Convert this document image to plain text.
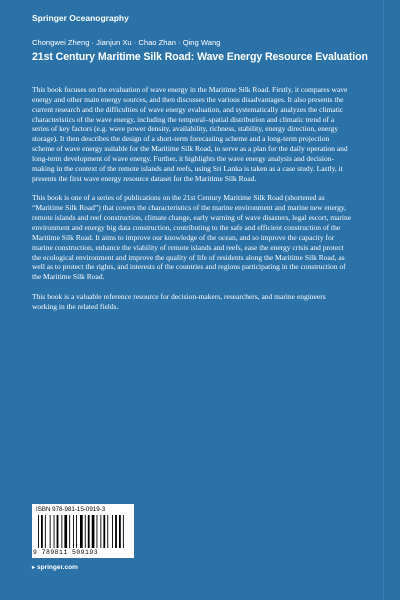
Springer Oceanography
Chongwei Zheng · Jianjun Xu · Chao Zhan · Qing Wang
21st Century Maritime Silk Road: Wave Energy Resource Evaluation

This book focuses on the evaluation of wave energy in the Maritime Silk Road. Firstly, it compares wave energy and other main energy sources, and then discusses the various disadvantages. It also presents the current research and the difficulties of wave energy evaluation, and systematically analyzes the climatic characteristics of the wave energy, including the temporal–spatial distribution and climatic trend of a series of key factors (e.g. wave power density, availability, richness, stability, energy direction, energy storage). It then describes the design of a short-term forecasting scheme and a long-term projection scheme of wave energy suitable for the Maritime Silk Road, to serve as a plan for the daily operation and long-term development of wave energy. Further, it highlights the wave energy analysis and decision-making in the context of the remote islands and reefs, using Sri Lanka is taken as a case study. Lastly, it presents the first wave energy resource dataset for the Maritime Silk Road.

This book is one of a series of publications on the 21st Century Maritime Silk Road (shortened as “Maritime Silk Road”) that covers the characteristics of the marine environment and marine new energy, remote islands and reef construction, climate change, early warning of wave disasters, legal escort, marine environment and energy big data construction, contributing to the safe and efficient construction of the Maritime Silk Road. It aims to improve our knowledge of the ocean, and so improve the capacity for marine construction, enhance the viability of remote islands and reefs, ease the energy crisis and protect the ecological environment and improve the quality of life of residents along the Maritime Silk Road, as well as to protect the rights, and interests of the countries and regions participating in the construction of the Maritime Silk Road.

This book is a valuable reference resource for decision-makers, researchers, and marine engineers working in the related fields.

ISBN 978-981-15-0919-3
9 789811 509193
▸ springer.com
